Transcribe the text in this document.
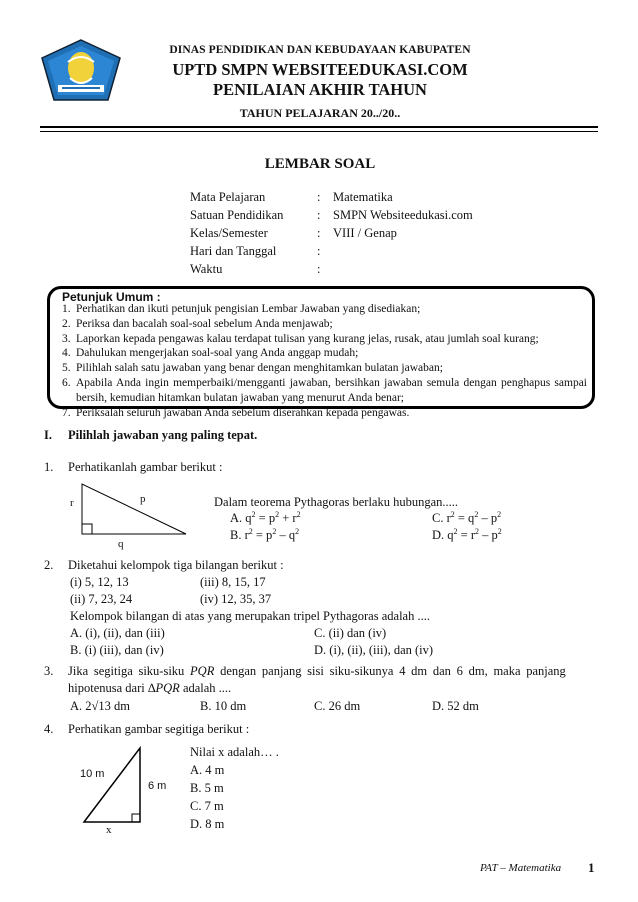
DINAS PENDIDIKAN DAN KEBUDAYAAN KABUPATEN
UPTD SMPN WEBSITEEDUKASI.COM
PENILAIAN AKHIR TAHUN
TAHUN PELAJARAN 20../20..
LEMBAR SOAL
Mata Pelajaran	:	Matematika
Satuan Pendidikan	:	SMPN Websiteedukasi.com
Kelas/Semester	:	VIII / Genap
Hari dan Tanggal	:
Waktu	:
Petunjuk Umum :
1. Perhatikan dan ikuti petunjuk pengisian Lembar Jawaban yang disediakan;
2. Periksa dan bacalah soal-soal sebelum Anda menjawab;
3. Laporkan kepada pengawas kalau terdapat tulisan yang kurang jelas, rusak, atau jumlah soal kurang;
4. Dahulukan mengerjakan soal-soal yang Anda anggap mudah;
5. Pilihlah salah satu jawaban yang benar dengan menghitamkan bulatan jawaban;
6. Apabila Anda ingin memperbaiki/mengganti jawaban, bersihkan jawaban semula dengan penghapus sampai bersih, kemudian hitamkan bulatan jawaban yang menurut Anda benar;
7. Periksalah seluruh jawaban Anda sebelum diserahkan kepada pengawas.
I. Pilihlah jawaban yang paling tepat.
1. Perhatikanlah gambar berikut :
r	p
q
Dalam teorema Pythagoras berlaku hubungan.....
A. $q^2 = p^2 + r^2$
B. $r^2 = p^2 - q^2$
C. $r^2 = q^2 - p^2$
D. $q^2 = r^2 - p^2$
2. Diketahui kelompok tiga bilangan berikut :
(i) 5, 12, 13	(iii) 8, 15, 17
(ii) 7, 23, 24	(iv) 12, 35, 37
Kelompok bilangan di atas yang merupakan tripel Pythagoras adalah ....
A. (i), (ii), dan (iii)	C. (ii) dan (iv)
B. (i) (iii), dan (iv)	D. (i), (ii), (iii), dan (iv)
3. Jika segitiga siku-siku PQR dengan panjang sisi siku-sikunya 4 dm dan 6 dm, maka panjang
hipotenusa dari ∆PQR adalah ....
A. 2√13 dm	B. 10 dm	C. 26 dm	D. 52 dm
4. Perhatikan gambar segitiga berikut :
10 m
6 m
x
Nilai x adalah… .
A. 4 m
B. 5 m
C. 7 m
D. 8 m
PAT – Matematika 1
